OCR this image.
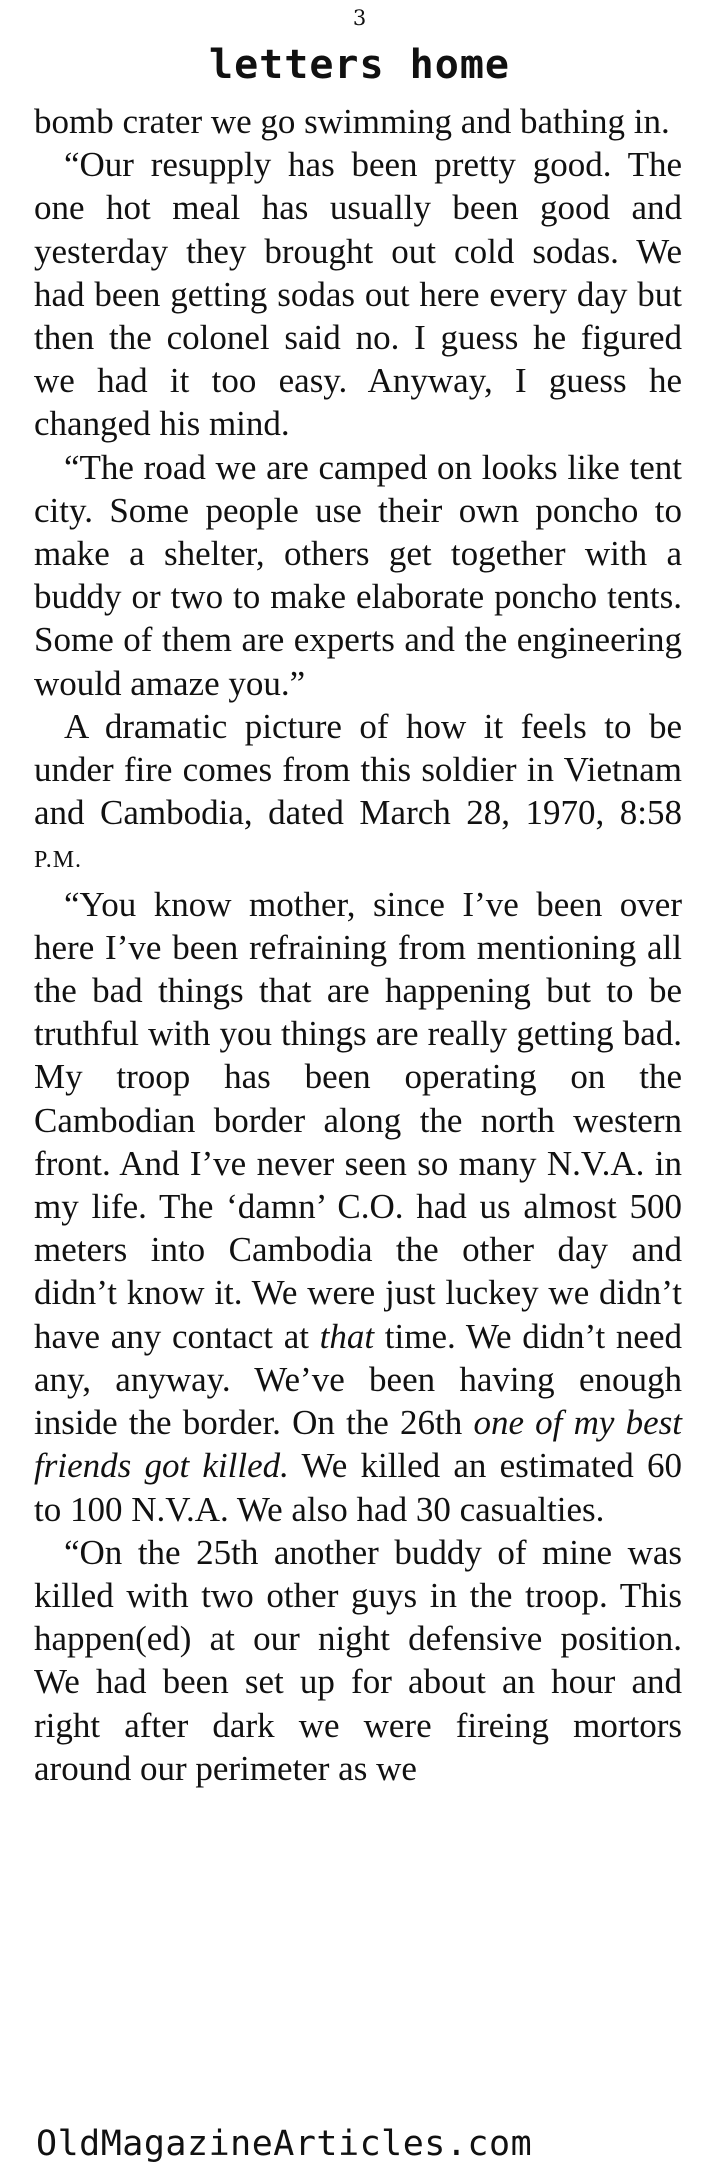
3
letters home

bomb crater we go swimming and bathing in.

“Our resupply has been pretty good. The one hot meal has usually been good and yesterday they brought out cold sodas. We had been getting sodas out here every day but then the colonel said no. I guess he figured we had it too easy. Anyway, I guess he changed his mind.

“The road we are camped on looks like tent city. Some people use their own poncho to make a shelter, others get together with a buddy or two to make elaborate poncho tents. Some of them are experts and the engineering would amaze you.”

A dramatic picture of how it feels to be under fire comes from this soldier in Vietnam and Cambodia, dated March 28, 1970, 8:58 P.M.

“You know mother, since I’ve been over here I’ve been refraining from mentioning all the bad things that are happening but to be truthful with you things are really getting bad. My troop has been operating on the Cambodian border along the north western front. And I’ve never seen so many N.V.A. in my life. The ‘damn’ C.O. had us almost 500 meters into Cambodia the other day and didn’t know it. We were just luckey we didn’t have any contact at that time. We didn’t need any, anyway. We’ve been having enough inside the border. On the 26th one of my best friends got killed. We killed an estimated 60 to 100 N.V.A. We also had 30 casualties.

“On the 25th another buddy of mine was killed with two other guys in the troop. This happen(ed) at our night defensive position. We had been set up for about an hour and right after dark we were fireing mortors around our perimeter as we

OldMagazineArticles.com
